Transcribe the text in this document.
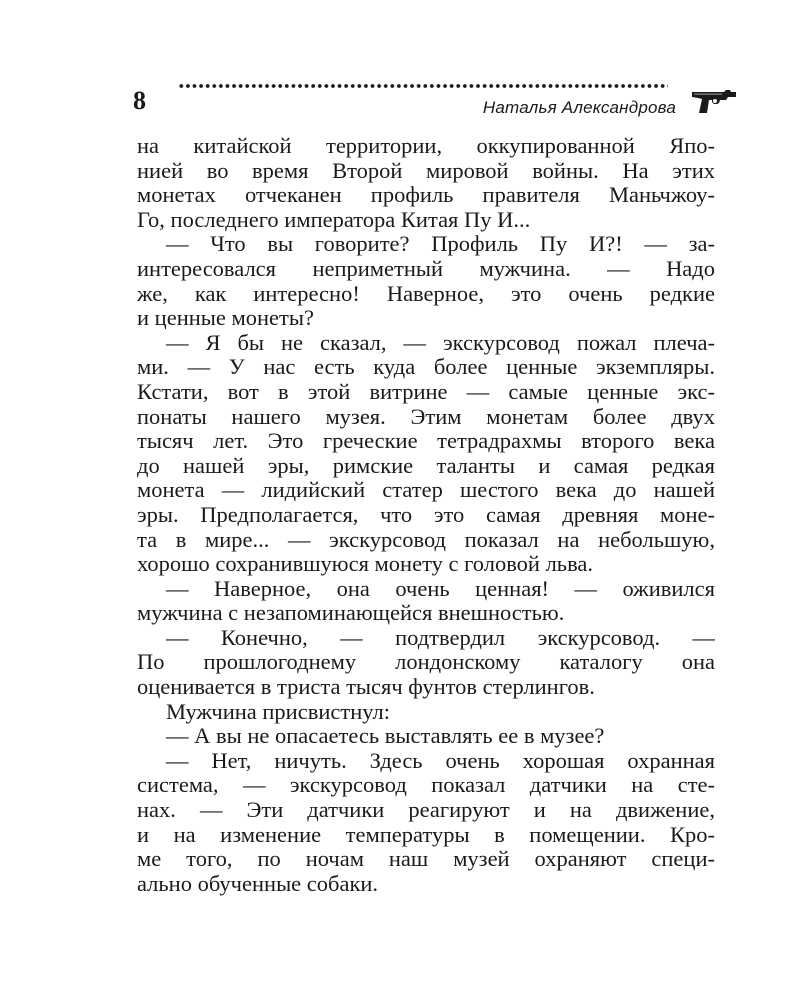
8	Наталья Александрова
на китайской территории, оккупированной Япо-
нией во время Второй мировой войны. На этих
монетах отчеканен профиль правителя Маньчжоу-
Го, последнего императора Китая Пу И...
— Что вы говорите? Профиль Пу И?! — за-
интересовался неприметный мужчина. — Надо
же, как интересно! Наверное, это очень редкие
и ценные монеты?
— Я бы не сказал, — экскурсовод пожал плеча-
ми. — У нас есть куда более ценные экземпляры.
Кстати, вот в этой витрине — самые ценные экс-
понаты нашего музея. Этим монетам более двух
тысяч лет. Это греческие тетрадрахмы второго века
до нашей эры, римские таланты и самая редкая
монета — лидийский статер шестого века до нашей
эры. Предполагается, что это самая древняя моне-
та в мире... — экскурсовод показал на небольшую,
хорошо сохранившуюся монету с головой льва.
— Наверное, она очень ценная! — оживился
мужчина с незапоминающейся внешностью.
— Конечно, — подтвердил экскурсовод. —
По прошлогоднему лондонскому каталогу она
оценивается в триста тысяч фунтов стерлингов.
Мужчина присвистнул:
— А вы не опасаетесь выставлять ее в музее?
— Нет, ничуть. Здесь очень хорошая охранная
система, — экскурсовод показал датчики на сте-
нах. — Эти датчики реагируют и на движение,
и на изменение температуры в помещении. Кро-
ме того, по ночам наш музей охраняют специ-
ально обученные собаки.
